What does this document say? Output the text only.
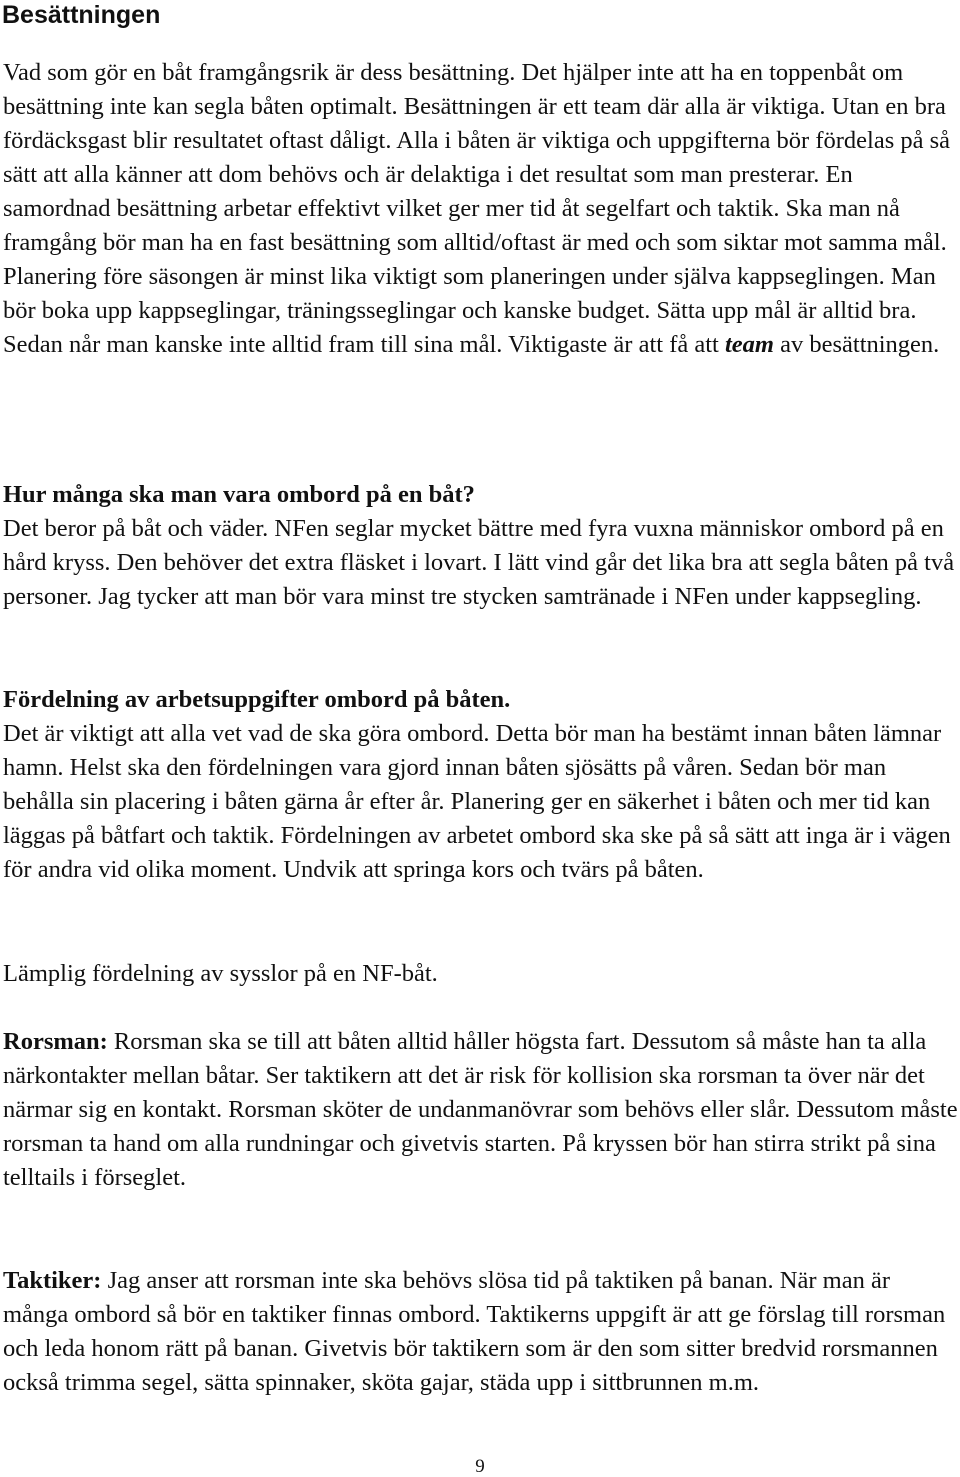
Besättningen

Vad som gör en båt framgångsrik är dess besättning. Det hjälper inte att ha en toppenbåt om besättning inte kan segla båten optimalt. Besättningen är ett team där alla är viktiga. Utan en bra fördäcksgast blir resultatet oftast dåligt. Alla i båten är viktiga och uppgifterna bör fördelas på så sätt att alla känner att dom behövs och är delaktiga i det resultat som man presterar. En samordnad besättning arbetar effektivt vilket ger mer tid åt segelfart och taktik. Ska man nå framgång bör man ha en fast besättning som alltid/oftast är med och som siktar mot samma mål. Planering före säsongen är minst lika viktigt som planeringen under själva kappseglingen. Man bör boka upp kappseglingar, träningsseglingar och kanske budget. Sätta upp mål är alltid bra. Sedan når man kanske inte alltid fram till sina mål. Viktigaste är att få att team av besättningen.

Hur många ska man vara ombord på en båt?

Det beror på båt och väder. NFen seglar mycket bättre med fyra vuxna människor ombord på en hård kryss. Den behöver det extra fläsket i lovart. I lätt vind går det lika bra att segla båten på två personer. Jag tycker att man bör vara minst tre stycken samtränade i NFen under kappsegling.

Fördelning av arbetsuppgifter ombord på båten.

Det är viktigt att alla vet vad de ska göra ombord. Detta bör man ha bestämt innan båten lämnar hamn. Helst ska den fördelningen vara gjord innan båten sjösätts på våren. Sedan bör man behålla sin placering i båten gärna år efter år. Planering ger en säkerhet i båten och mer tid kan läggas på båtfart och taktik. Fördelningen av arbetet ombord ska ske på så sätt att inga är i vägen för andra vid olika moment. Undvik att springa kors och tvärs på båten.

Lämplig fördelning av sysslor på en NF-båt.

Rorsman: Rorsman ska se till att båten alltid håller högsta fart. Dessutom så måste han ta alla närkontakter mellan båtar. Ser taktikern att det är risk för kollision ska rorsman ta över när det närmar sig en kontakt. Rorsman sköter de undanmanövrar som behövs eller slår. Dessutom måste rorsman ta hand om alla rundningar och givetvis starten. På kryssen bör han stirra strikt på sina telltails i förseglet.

Taktiker: Jag anser att rorsman inte ska behövs slösa tid på taktiken på banan. När man är många ombord så bör en taktiker finnas ombord. Taktikerns uppgift är att ge förslag till rorsman och leda honom rätt på banan. Givetvis bör taktikern som är den som sitter bredvid rorsmannen också trimma segel, sätta spinnaker, sköta gajar, städa upp i sittbrunnen m.m.

9
